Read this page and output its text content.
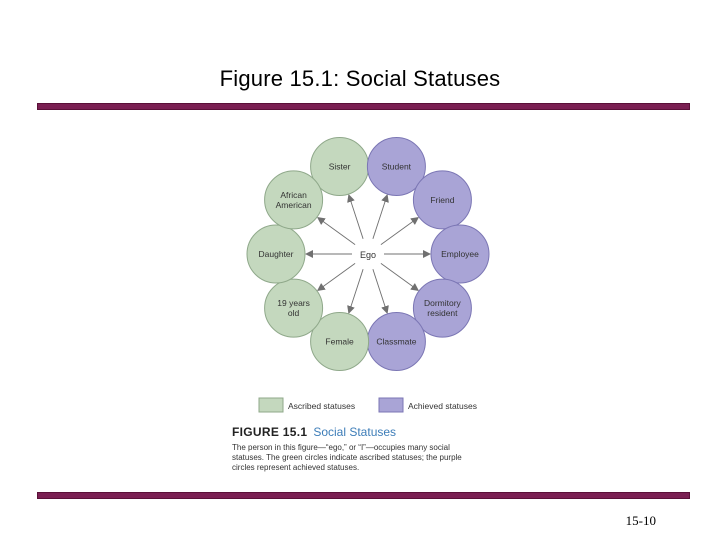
Figure 15.1: Social Statuses
Sister	Student
Friend
Employee
Dormitory
resident
Classmate
Female
19 years
old
Daughter
African
American
Ego
Ascribed statuses	Achieved statuses
FIGURE 15.1 Social Statuses
The person in this figure—“ego,” or “I”—occupies many social
statuses. The green circles indicate ascribed statuses; the purple
circles represent achieved statuses.
15-10
